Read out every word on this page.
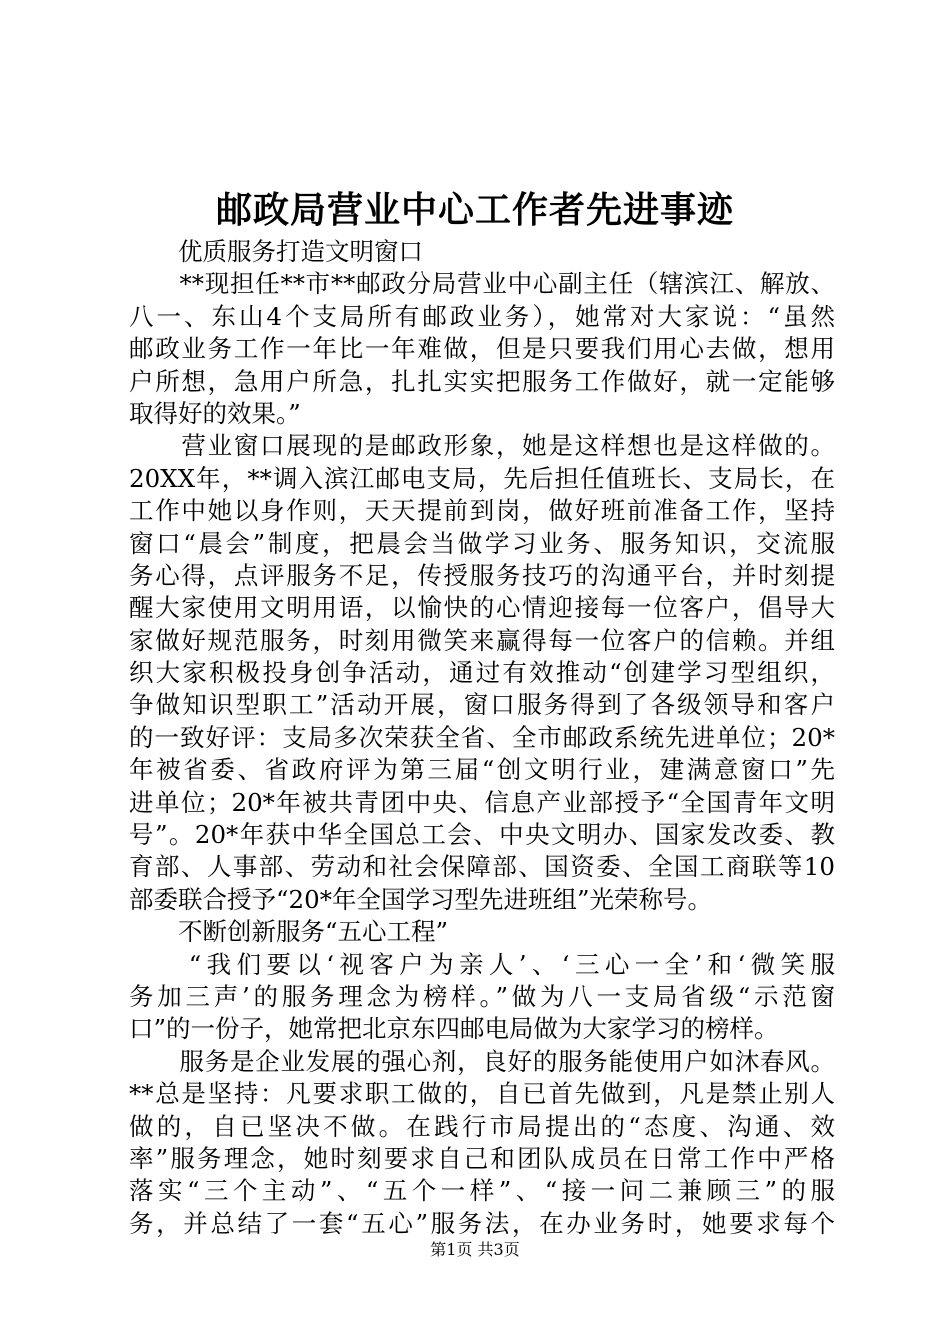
邮政局营业中心工作者先进事迹
　　优质服务打造文明窗口
　　**现担任**市**邮政分局营业中心副主任（辖滨江、解放、
八一、东山4个支局所有邮政业务），她常对大家说：“虽然
邮政业务工作一年比一年难做，但是只要我们用心去做，想用
户所想，急用户所急，扎扎实实把服务工作做好，就一定能够
取得好的效果。”
　　营业窗口展现的是邮政形象，她是这样想也是这样做的。
20XX年，**调入滨江邮电支局，先后担任值班长、支局长，在
工作中她以身作则，天天提前到岗，做好班前准备工作，坚持
窗口“晨会”制度，把晨会当做学习业务、服务知识，交流服
务心得，点评服务不足，传授服务技巧的沟通平台，并时刻提
醒大家使用文明用语，以愉快的心情迎接每一位客户，倡导大
家做好规范服务，时刻用微笑来赢得每一位客户的信赖。并组
织大家积极投身创争活动，通过有效推动“创建学习型组织，
争做知识型职工”活动开展，窗口服务得到了各级领导和客户
的一致好评：支局多次荣获全省、全市邮政系统先进单位；20*
年被省委、省政府评为第三届“创文明行业，建满意窗口”先
进单位；20*年被共青团中央、信息产业部授予“全国青年文明
号”。20*年获中华全国总工会、中央文明办、国家发改委、教
育部、人事部、劳动和社会保障部、国资委、全国工商联等10
部委联合授予“20*年全国学习型先进班组”光荣称号。
　　不断创新服务“五心工程”
　　“我们要以‘视客户为亲人’、‘三心一全’和‘微笑服
务加三声’的服务理念为榜样。”做为八一支局省级“示范窗
口”的一份子，她常把北京东四邮电局做为大家学习的榜样。
　　服务是企业发展的强心剂，良好的服务能使用户如沐春风。
**总是坚持：凡要求职工做的，自已首先做到，凡是禁止别人
做的，自已坚决不做。在践行市局提出的“态度、沟通、效
率”服务理念，她时刻要求自己和团队成员在日常工作中严格
落实“三个主动”、“五个一样”、“接一问二兼顾三”的服
务，并总结了一套“五心”服务法，在办业务时，她要求每个
第1页 共3页
